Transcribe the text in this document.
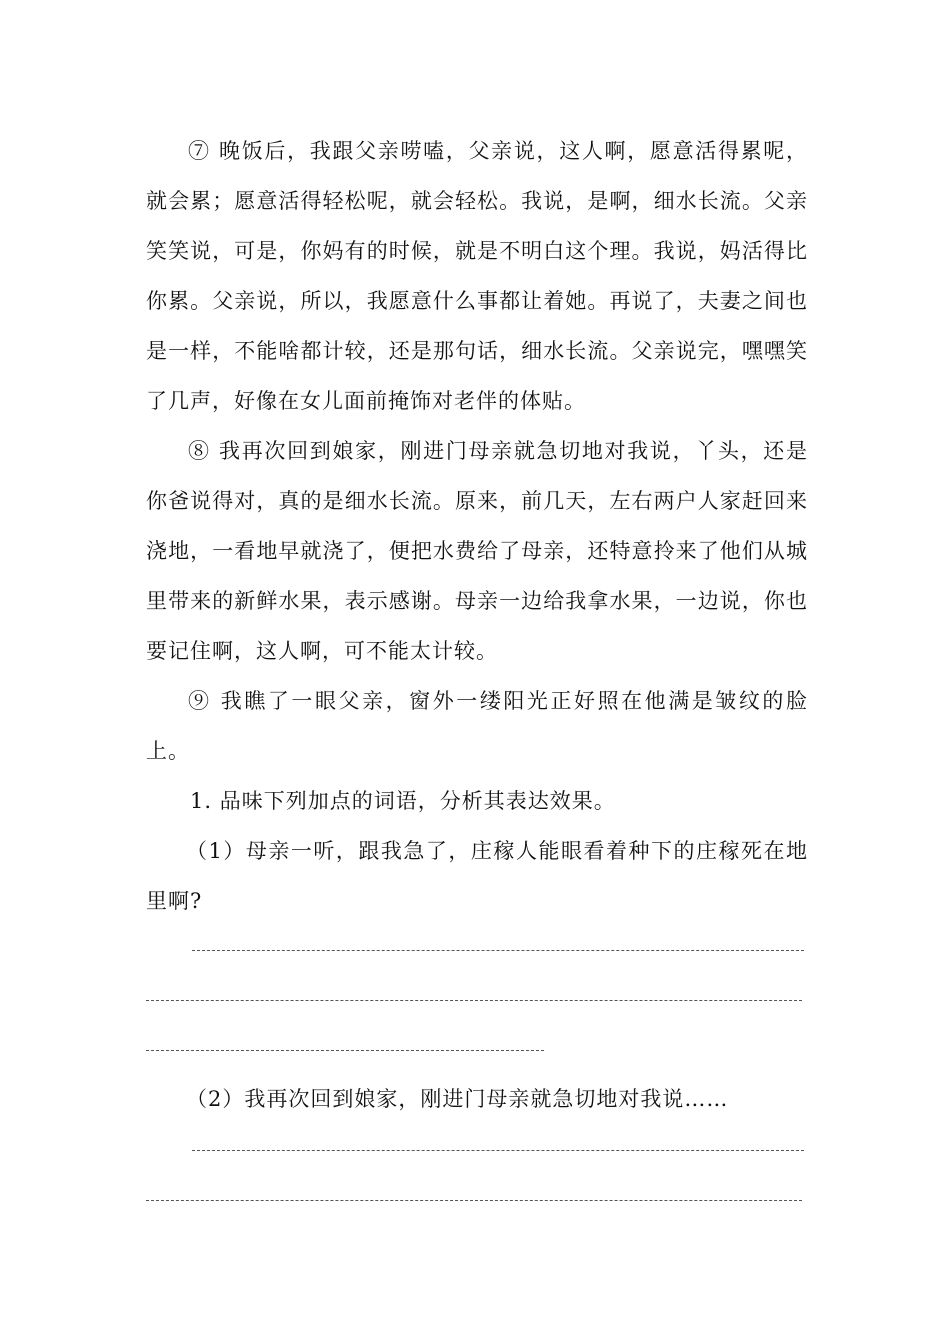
⑦ 晚饭后，我跟父亲唠嗑，父亲说，这人啊，愿意活得累呢，就会累；愿意活得轻松呢，就会轻松。我说，是啊，细水长流。父亲笑笑说，可是，你妈有的时候，就是不明白这个理。我说，妈活得比你累。父亲说，所以，我愿意什么事都让着她。再说了，夫妻之间也是一样，不能啥都计较，还是那句话，细水长流。父亲说完，嘿嘿笑了几声，好像在女儿面前掩饰对老伴的体贴。

⑧ 我再次回到娘家，刚进门母亲就急切地对我说，丫头，还是你爸说得对，真的是细水长流。原来，前几天，左右两户人家赶回来浇地，一看地早就浇了，便把水费给了母亲，还特意拎来了他们从城里带来的新鲜水果，表示感谢。母亲一边给我拿水果，一边说，你也要记住啊，这人啊，可不能太计较。

⑨ 我瞧了一眼父亲，窗外一缕阳光正好照在他满是皱纹的脸上。

1. 品味下列加点的词语，分析其表达效果。

（1）母亲一听，跟我急了，庄稼人能眼看着种下的庄稼死在地里啊?

（2）我再次回到娘家，刚进门母亲就急切地对我说……
